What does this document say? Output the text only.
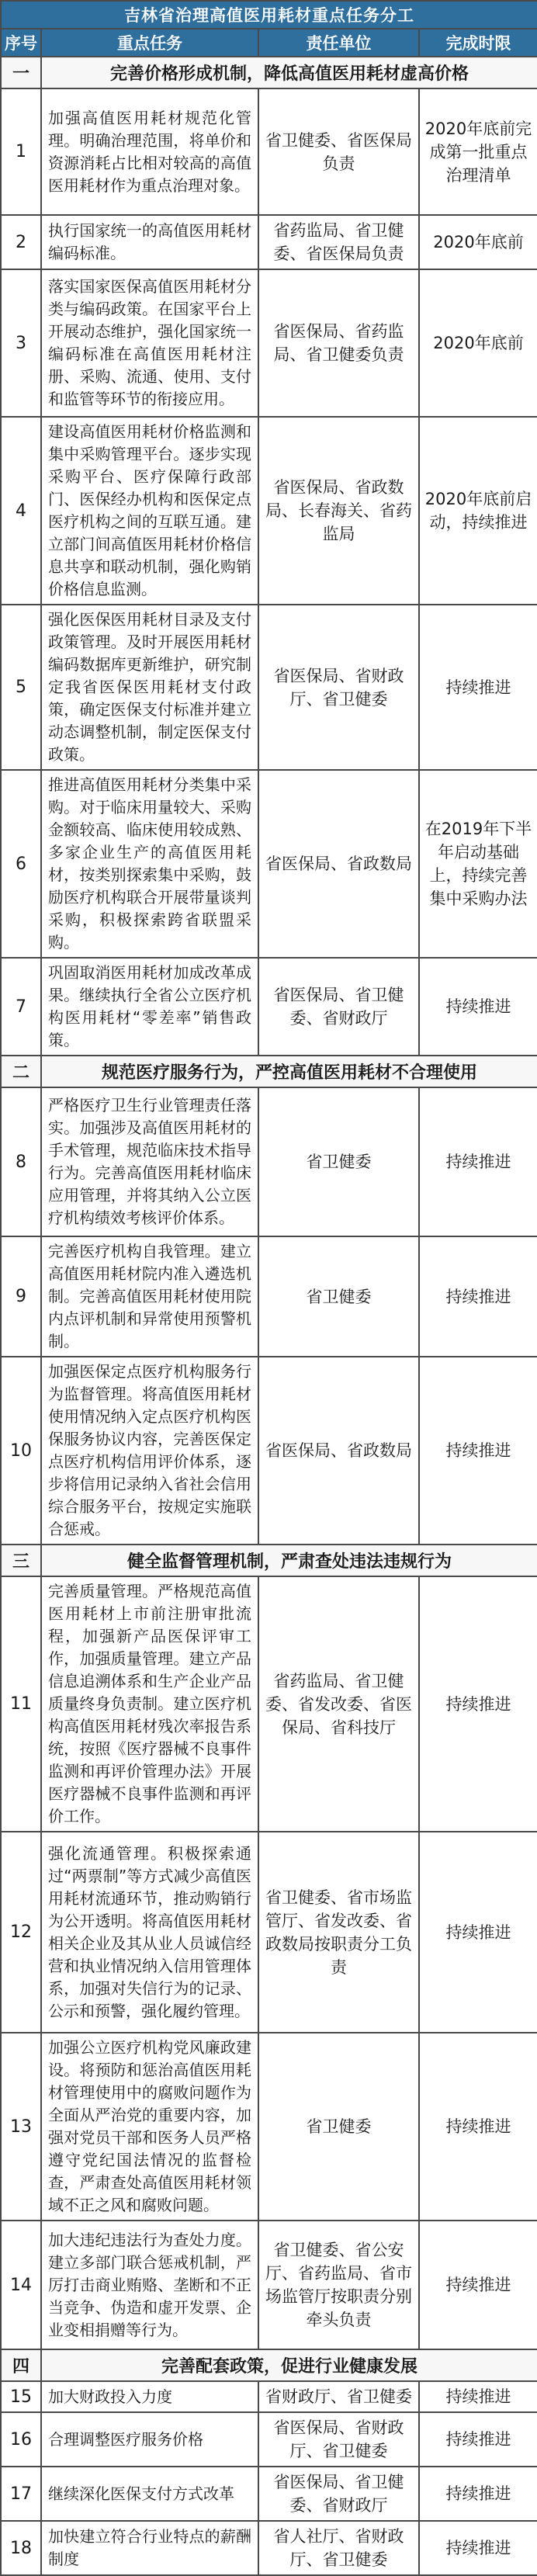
吉林省治理高值医用耗材重点任务分工			
序号	重点任务	责任单位	完成时限
一	完善价格形成机制，降低高值医用耗材虚高价格		
1	加强高值医用耗材规范化管理。明确治理范围，将单价和资源消耗占比相对较高的高值医用耗材作为重点治理对象。	省卫健委、省医保局负责	2020年底前完成第一批重点治理清单
2	执行国家统一的高值医用耗材编码标准。	省药监局、省卫健委、省医保局负责	2020年底前
3	落实国家医保高值医用耗材分类与编码政策。在国家平台上开展动态维护，强化国家统一编码标准在高值医用耗材注册、采购、流通、使用、支付和监管等环节的衔接应用。	省医保局、省药监局、省卫健委负责	2020年底前
4	建设高值医用耗材价格监测和集中采购管理平台。逐步实现采购平台、医疗保障行政部门、医保经办机构和医保定点医疗机构之间的互联互通。建立部门间高值医用耗材价格信息共享和联动机制，强化购销价格信息监测。	省医保局、省政数局、长春海关、省药监局	2020年底前启动，持续推进
5	强化医保医用耗材目录及支付政策管理。及时开展医用耗材编码数据库更新维护，研究制定我省医保医用耗材支付政策，确定医保支付标准并建立动态调整机制，制定医保支付政策。	省医保局、省财政厅、省卫健委	持续推进
6	推进高值医用耗材分类集中采购。对于临床用量较大、采购金额较高、临床使用较成熟、多家企业生产的高值医用耗材，按类别探索集中采购，鼓励医疗机构联合开展带量谈判采购，积极探索跨省联盟采购。	省医保局、省政数局	在2019年下半年启动基础上，持续完善集中采购办法
7	巩固取消医用耗材加成改革成果。继续执行全省公立医疗机构医用耗材“零差率”销售政策。	省医保局、省卫健委、省财政厅	持续推进
二	规范医疗服务行为，严控高值医用耗材不合理使用		
8	严格医疗卫生行业管理责任落实。加强涉及高值医用耗材的手术管理，规范临床技术指导行为。完善高值医用耗材临床应用管理，并将其纳入公立医疗机构绩效考核评价体系。	省卫健委	持续推进
9	完善医疗机构自我管理。建立高值医用耗材院内准入遴选机制。完善高值医用耗材使用院内点评机制和异常使用预警机制。	省卫健委	持续推进
10	加强医保定点医疗机构服务行为监督管理。将高值医用耗材使用情况纳入定点医疗机构医保服务协议内容，完善医保定点医疗机构信用评价体系，逐步将信用记录纳入省社会信用综合服务平台，按规定实施联合惩戒。	省医保局、省政数局	持续推进
三	健全监督管理机制，严肃查处违法违规行为		
11	完善质量管理。严格规范高值医用耗材上市前注册审批流程，加强新产品医保评审工作，加强质量管理。建立产品信息追溯体系和生产企业产品质量终身负责制。建立医疗机构高值医用耗材残次率报告系统，按照《医疗器械不良事件监测和再评价管理办法》开展医疗器械不良事件监测和再评价工作。	省药监局、省卫健委、省发改委、省医保局、省科技厅	持续推进
12	强化流通管理。积极探索通过“两票制”等方式减少高值医用耗材流通环节，推动购销行为公开透明。将高值医用耗材相关企业及其从业人员诚信经营和执业情况纳入信用管理体系，加强对失信行为的记录、公示和预警，强化履约管理。	省卫健委、省市场监管厅、省发改委、省政数局按职责分工负责	持续推进
13	加强公立医疗机构党风廉政建设。将预防和惩治高值医用耗材管理使用中的腐败问题作为全面从严治党的重要内容，加强对党员干部和医务人员严格遵守党纪国法情况的监督检查，严肃查处高值医用耗材领域不正之风和腐败问题。	省卫健委	持续推进
14	加大违纪违法行为查处力度。建立多部门联合惩戒机制，严厉打击商业贿赂、垄断和不正当竞争、伪造和虚开发票、企业变相捐赠等行为。	省卫健委、省公安厅、省药监局、省市场监管厅按职责分别牵头负责	持续推进
四	完善配套政策，促进行业健康发展		
15	加大财政投入力度	省财政厅、省卫健委	持续推进
16	合理调整医疗服务价格	省医保局、省财政厅、省卫健委	持续推进
17	继续深化医保支付方式改革	省医保局、省卫健委、省财政厅	持续推进
18	加快建立符合行业特点的薪酬制度	省人社厅、省财政厅、省卫健委	持续推进
